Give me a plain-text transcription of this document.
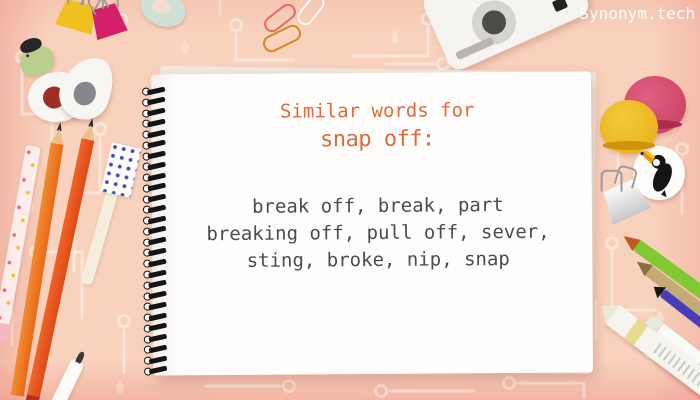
Similar words for
snap off:
break off, break, part
breaking off, pull off, sever,
sting, broke, nip, snap
Synonym.tech
